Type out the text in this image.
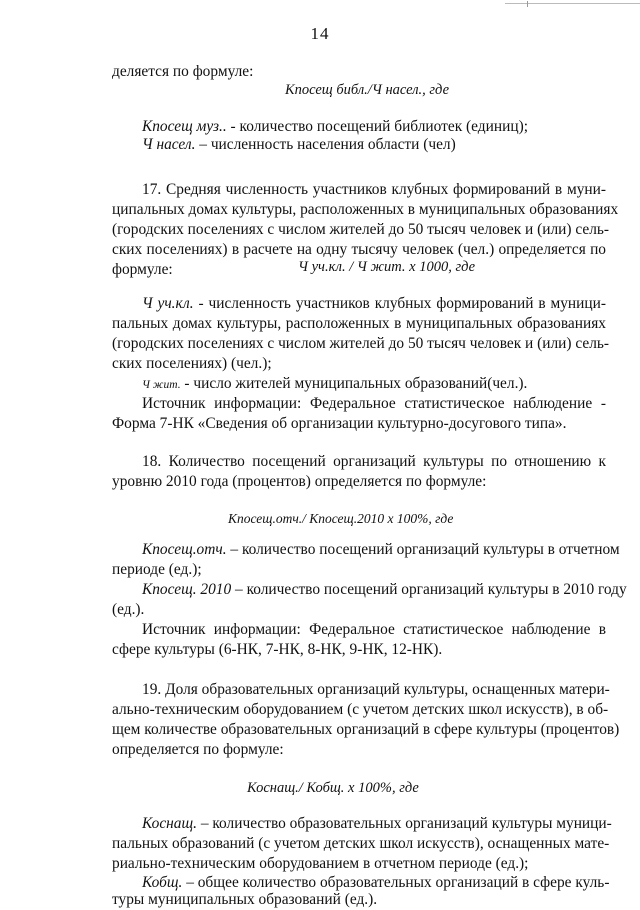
14
деляется по формуле:
Кпосещ библ./Ч насел., где
Кпосещ муз.. - количество посещений библиотек (единиц);
Ч насел. – численность населения области (чел)
17. Средняя численность участников клубных формирований в муни-
ципальных домах культуры, расположенных в муниципальных образованиях
(городских поселениях с числом жителей до 50 тысяч человек и (или) сель-
ских поселениях) в расчете на одну тысячу человек (чел.) определяется по
формуле:	Ч уч.кл. / Ч жит. х 1000, где
Ч уч.кл. - численность участников клубных формирований в муници-
пальных домах культуры, расположенных в муниципальных образованиях
(городских поселениях с числом жителей до 50 тысяч человек и (или) сель-
ских поселениях) (чел.);
Ч жит. - число жителей муниципальных образований(чел.).
Источник информации: Федеральное статистическое наблюдение -
Форма 7-НК «Сведения об организации культурно-досугового типа».
18. Количество посещений организаций культуры по отношению к
уровню 2010 года (процентов) определяется по формуле:
Кпосещ.отч./ Кпосещ.2010 х 100%, где
Кпосещ.отч. – количество посещений организаций культуры в отчетном
периоде (ед.);
Кпосещ. 2010 – количество посещений организаций культуры в 2010 году
(ед.).
Источник информации: Федеральное статистическое наблюдение в
сфере культуры (6-НК, 7-НК, 8-НК, 9-НК, 12-НК).
19. Доля образовательных организаций культуры, оснащенных матери-
ально-техническим оборудованием (с учетом детских школ искусств), в об-
щем количестве образовательных организаций в сфере культуры (процентов)
определяется по формуле:
Коснащ./ Кобщ. х 100%, где
Коснащ. – количество образовательных организаций культуры муници-
пальных образований (с учетом детских школ искусств), оснащенных мате-
риально-техническим оборудованием в отчетном периоде (ед.);
Кобщ. – общее количество образовательных организаций в сфере куль-
туры муниципальных образований (ед.).
